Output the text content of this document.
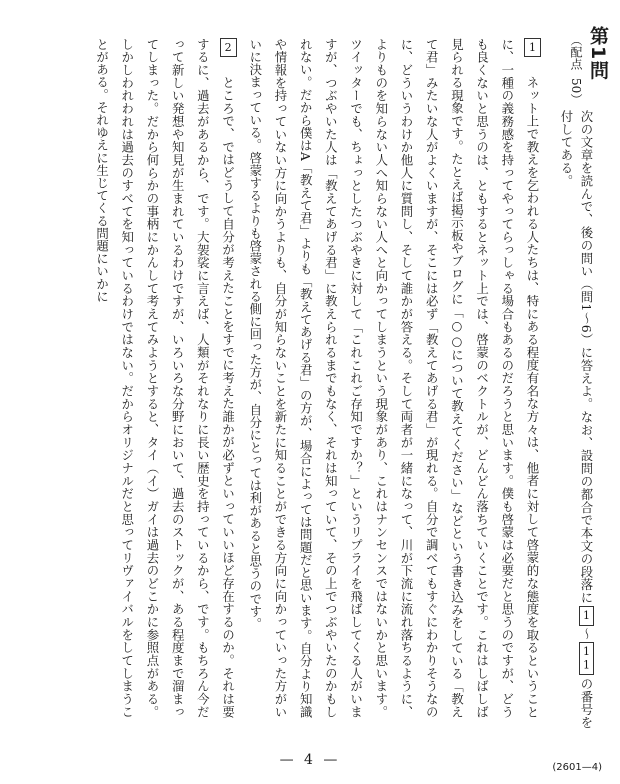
第1問
（配点50）
次の文章を読んで、後の問い（問1～6）に答えよ。なお、設問の都合で本文の段落に1～11の番号を付してある。

1　ネット上で教えを乞われる人たちは、特にある程度有名な方々は、他者に対して啓蒙的な態度を取るということに、一種の義務感を持ってやってらっしゃる場合もあるのだろうと思います。僕も啓蒙は必要だと思うのですが、どうも良くないと思うのは、ともするとネット上では、啓蒙のベクトルが、どんどん落ちていくことです。これはしばしば見られる現象です。たとえば掲示板やブログに「○○について教えてください」などという書き込みをしている「教えて君」みたいな人がよくいますが、そこには必ず「教えてあげる君」が現れる。自分で調べてもすぐにわかりそうなのに、どういうわけか他人に質問し、そして誰かが答える。そして両者が一緒になって、川が下流に流れ落ちるように、よりものを知らない人へ知らない人へと向かってしまうという現象があり、これはナンセンスではないかと思います。ツイッターでも、ちょっとしたつぶやきに対して「これこれご存知ですか？」というリプライを飛ばしてくる人がいますが、つぶやいた人は「教えてあげる君」に教えられるまでもなく、それは知っていて、その上でつぶやいたのかもしれない。だから僕はA「教えて君」よりも「教えてあげる君」の方が、場合によっては問題だと思います。自分より知識や情報を持っていない方に向かうよりも、自分が知らないことを新たに知ることができる方向に向かっていった方がいいに決まっている。啓蒙するよりも啓蒙される側に回った方が、自分にとっては利があると思うのです。

2　ところで、ではどうして自分が考えたことをすでに考えた誰かが必ずといっていいほど存在するのか。それは要するに、過去があるから、です。大袈裟に言えば、人類がそれなりに長い歴史を持っているから、です。もちろん今だって新しい発想や知見が生まれているわけですが、いろいろな分野において、過去のストックが、ある程度まで溜まってしまった。だから何らかの事柄にかんして考えてみようとすると、タイ（イ）ガイは過去のどこかに参照点がある。しかしわれわれは過去のすべてを知っているわけではない。だからオリジナルだと思ってリヴァイバルをしてしまうことがある。それゆえに生じてくる問題にいかに

— 4 —	(2601—4)
